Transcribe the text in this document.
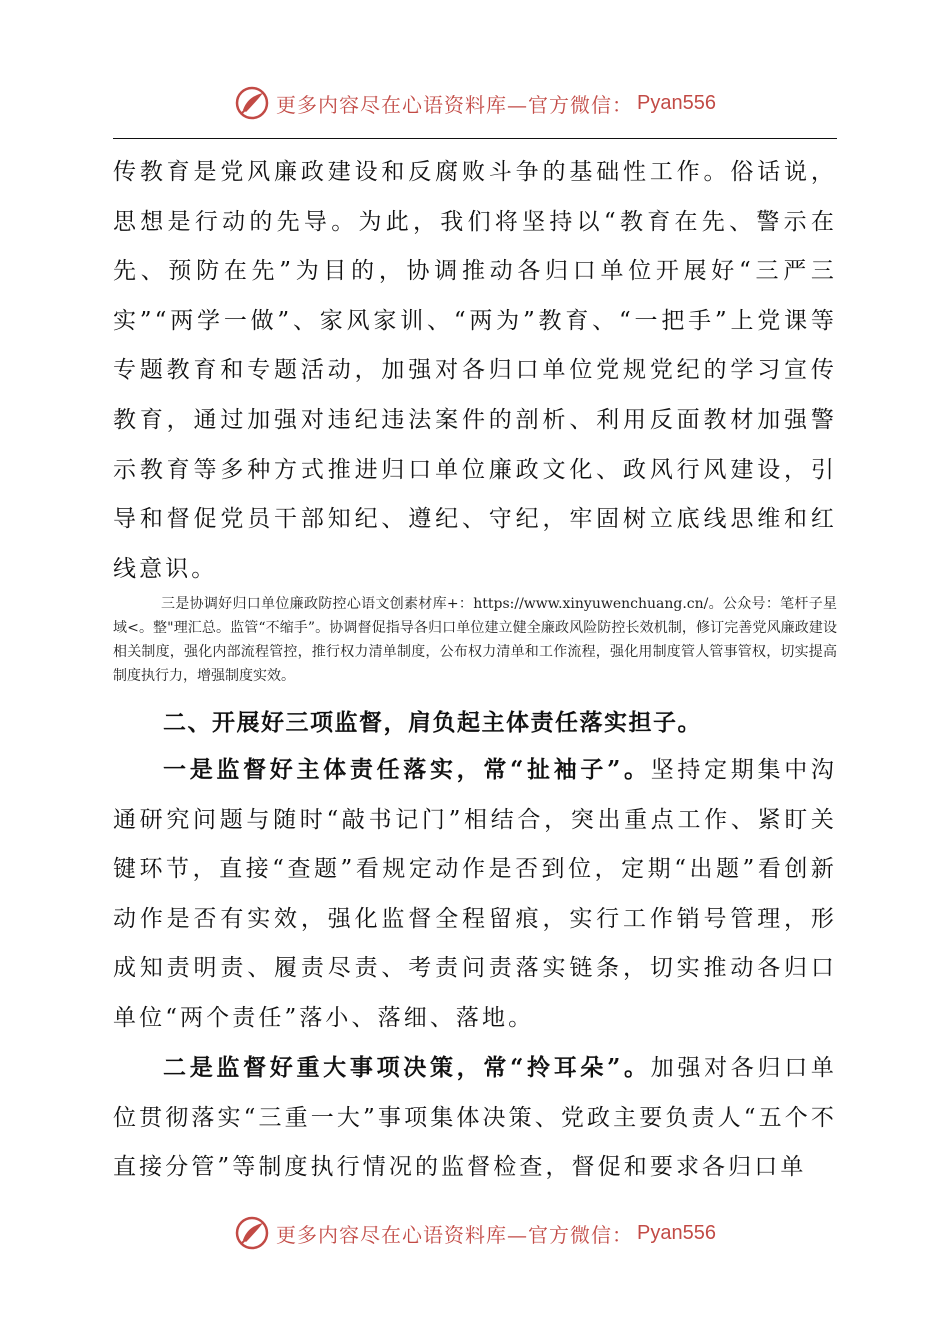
更多内容尽在心语资料库—官方微信： Pyan556

传教育是党风廉政建设和反腐败斗争的基础性工作。俗话说，思想是行动的先导。为此，我们将坚持以“教育在先、警示在先、预防在先”为目的，协调推动各归口单位开展好“三严三实”“两学一做”、家风家训、“两为”教育、“一把手”上党课等专题教育和专题活动，加强对各归口单位党规党纪的学习宣传教育，通过加强对违纪违法案件的剖析、利用反面教材加强警示教育等多种方式推进归口单位廉政文化、政风行风建设，引导和督促党员干部知纪、遵纪、守纪，牢固树立底线思维和红线意识。

三是协调好归口单位廉政防控心语文创素材库+：https://www.xinyuwenchuang.cn/。公众号：笔杆子星域<。整"理汇总。监管“不缩手”。协调督促指导各归口单位建立健全廉政风险防控长效机制，修订完善党风廉政建设相关制度，强化内部流程管控，推行权力清单制度，公布权力清单和工作流程，强化用制度管人管事管权，切实提高制度执行力，增强制度实效。

二、开展好三项监督，肩负起主体责任落实担子。

一是监督好主体责任落实，常“扯袖子”。坚持定期集中沟通研究问题与随时“敲书记门”相结合，突出重点工作、紧盯关键环节，直接“查题”看规定动作是否到位，定期“出题”看创新动作是否有实效，强化监督全程留痕，实行工作销号管理，形成知责明责、履责尽责、考责问责落实链条，切实推动各归口单位“两个责任”落小、落细、落地。

二是监督好重大事项决策，常“拎耳朵”。加强对各归口单位贯彻落实“三重一大”事项集体决策、党政主要负责人“五个不直接分管”等制度执行情况的监督检查，督促和要求各归口单

更多内容尽在心语资料库—官方微信： Pyan556
